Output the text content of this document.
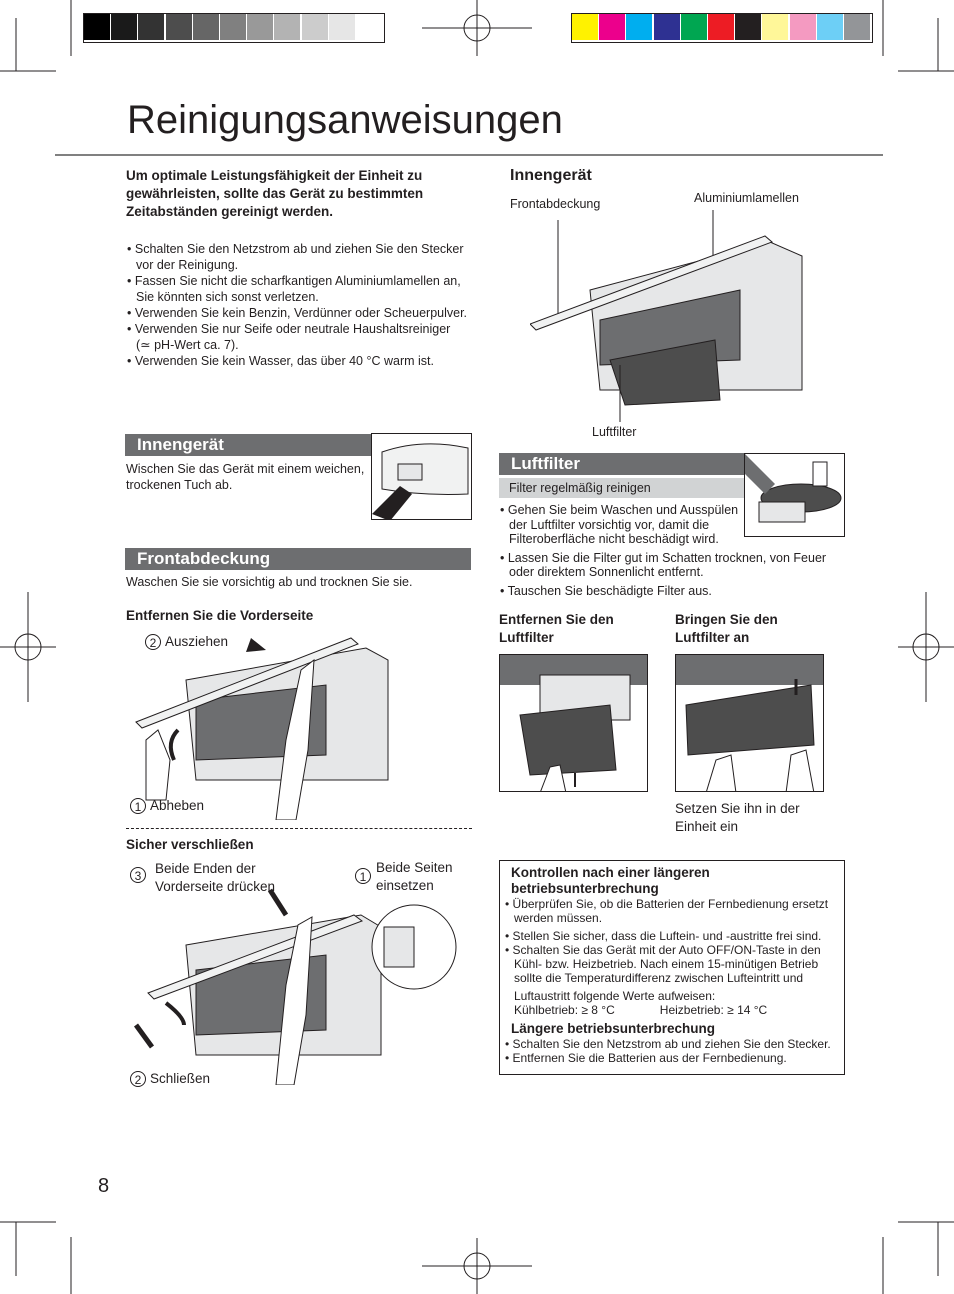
Reinigungsanweisungen
Um optimale Leistungsfähigkeit der Einheit zu gewährleisten, sollte das Gerät zu bestimmten Zeitabständen gereinigt werden.

• Schalten Sie den Netzstrom ab und ziehen Sie den Stecker vor der Reinigung.

• Fassen Sie nicht die scharfkantigen Aluminiumlamellen an, Sie könnten sich sonst verletzen.

• Verwenden Sie kein Benzin, Verdünner oder Scheuerpulver.

• Verwenden Sie nur Seife oder neutrale Haushaltsreiniger

(≃ pH-Wert ca. 7).

• Verwenden Sie kein Wasser, das über 40 °C warm ist.

Innengerät
Wischen Sie das Gerät mit einem weichen, trockenen Tuch ab.
Frontabdeckung
Waschen Sie sie vorsichtig ab und trocknen Sie sie.
Entfernen Sie die Vorderseite
2 Ausziehen
1 Abheben
Sicher verschließen
3	Beide Enden der Vorderseite drücken
1
Beide Seiten einsetzen
2 Schließen
Innengerät
Frontabdeckung	Aluminiumlamellen
Luftfilter
Luftfilter
Filter regelmäßig reinigen

• Gehen Sie beim Waschen und Ausspülen der Luftfilter vorsichtig vor, damit die Filteroberfläche nicht beschädigt wird.

• Lassen Sie die Filter gut im Schatten trocknen, von Feuer oder direktem Sonnenlicht entfernt.

• Tauschen Sie beschädigte Filter aus.

Entfernen Sie den Luftfilter
Bringen Sie den Luftfilter an
Setzen Sie ihn in der Einheit ein
Kontrollen nach einer längeren betriebsunterbrechung

• Überprüfen Sie, ob die Batterien der Fernbedienung ersetzt werden müssen.

• Stellen Sie sicher, dass die Luftein- und -austritte frei sind.

• Schalten Sie das Gerät mit der Auto OFF/ON-Taste in den Kühl- bzw. Heizbetrieb. Nach einem 15-minütigen Betrieb sollte die Temperaturdifferenz zwischen Lufteintritt und

Luftaustritt folgende Werte aufweisen:

Kühlbetrieb: ≥ 8 °C	Heizbetrieb: ≥ 14 °C

Längere betriebsunterbrechung

• Schalten Sie den Netzstrom ab und ziehen Sie den Stecker.

• Entfernen Sie die Batterien aus der Fernbedienung.

8
